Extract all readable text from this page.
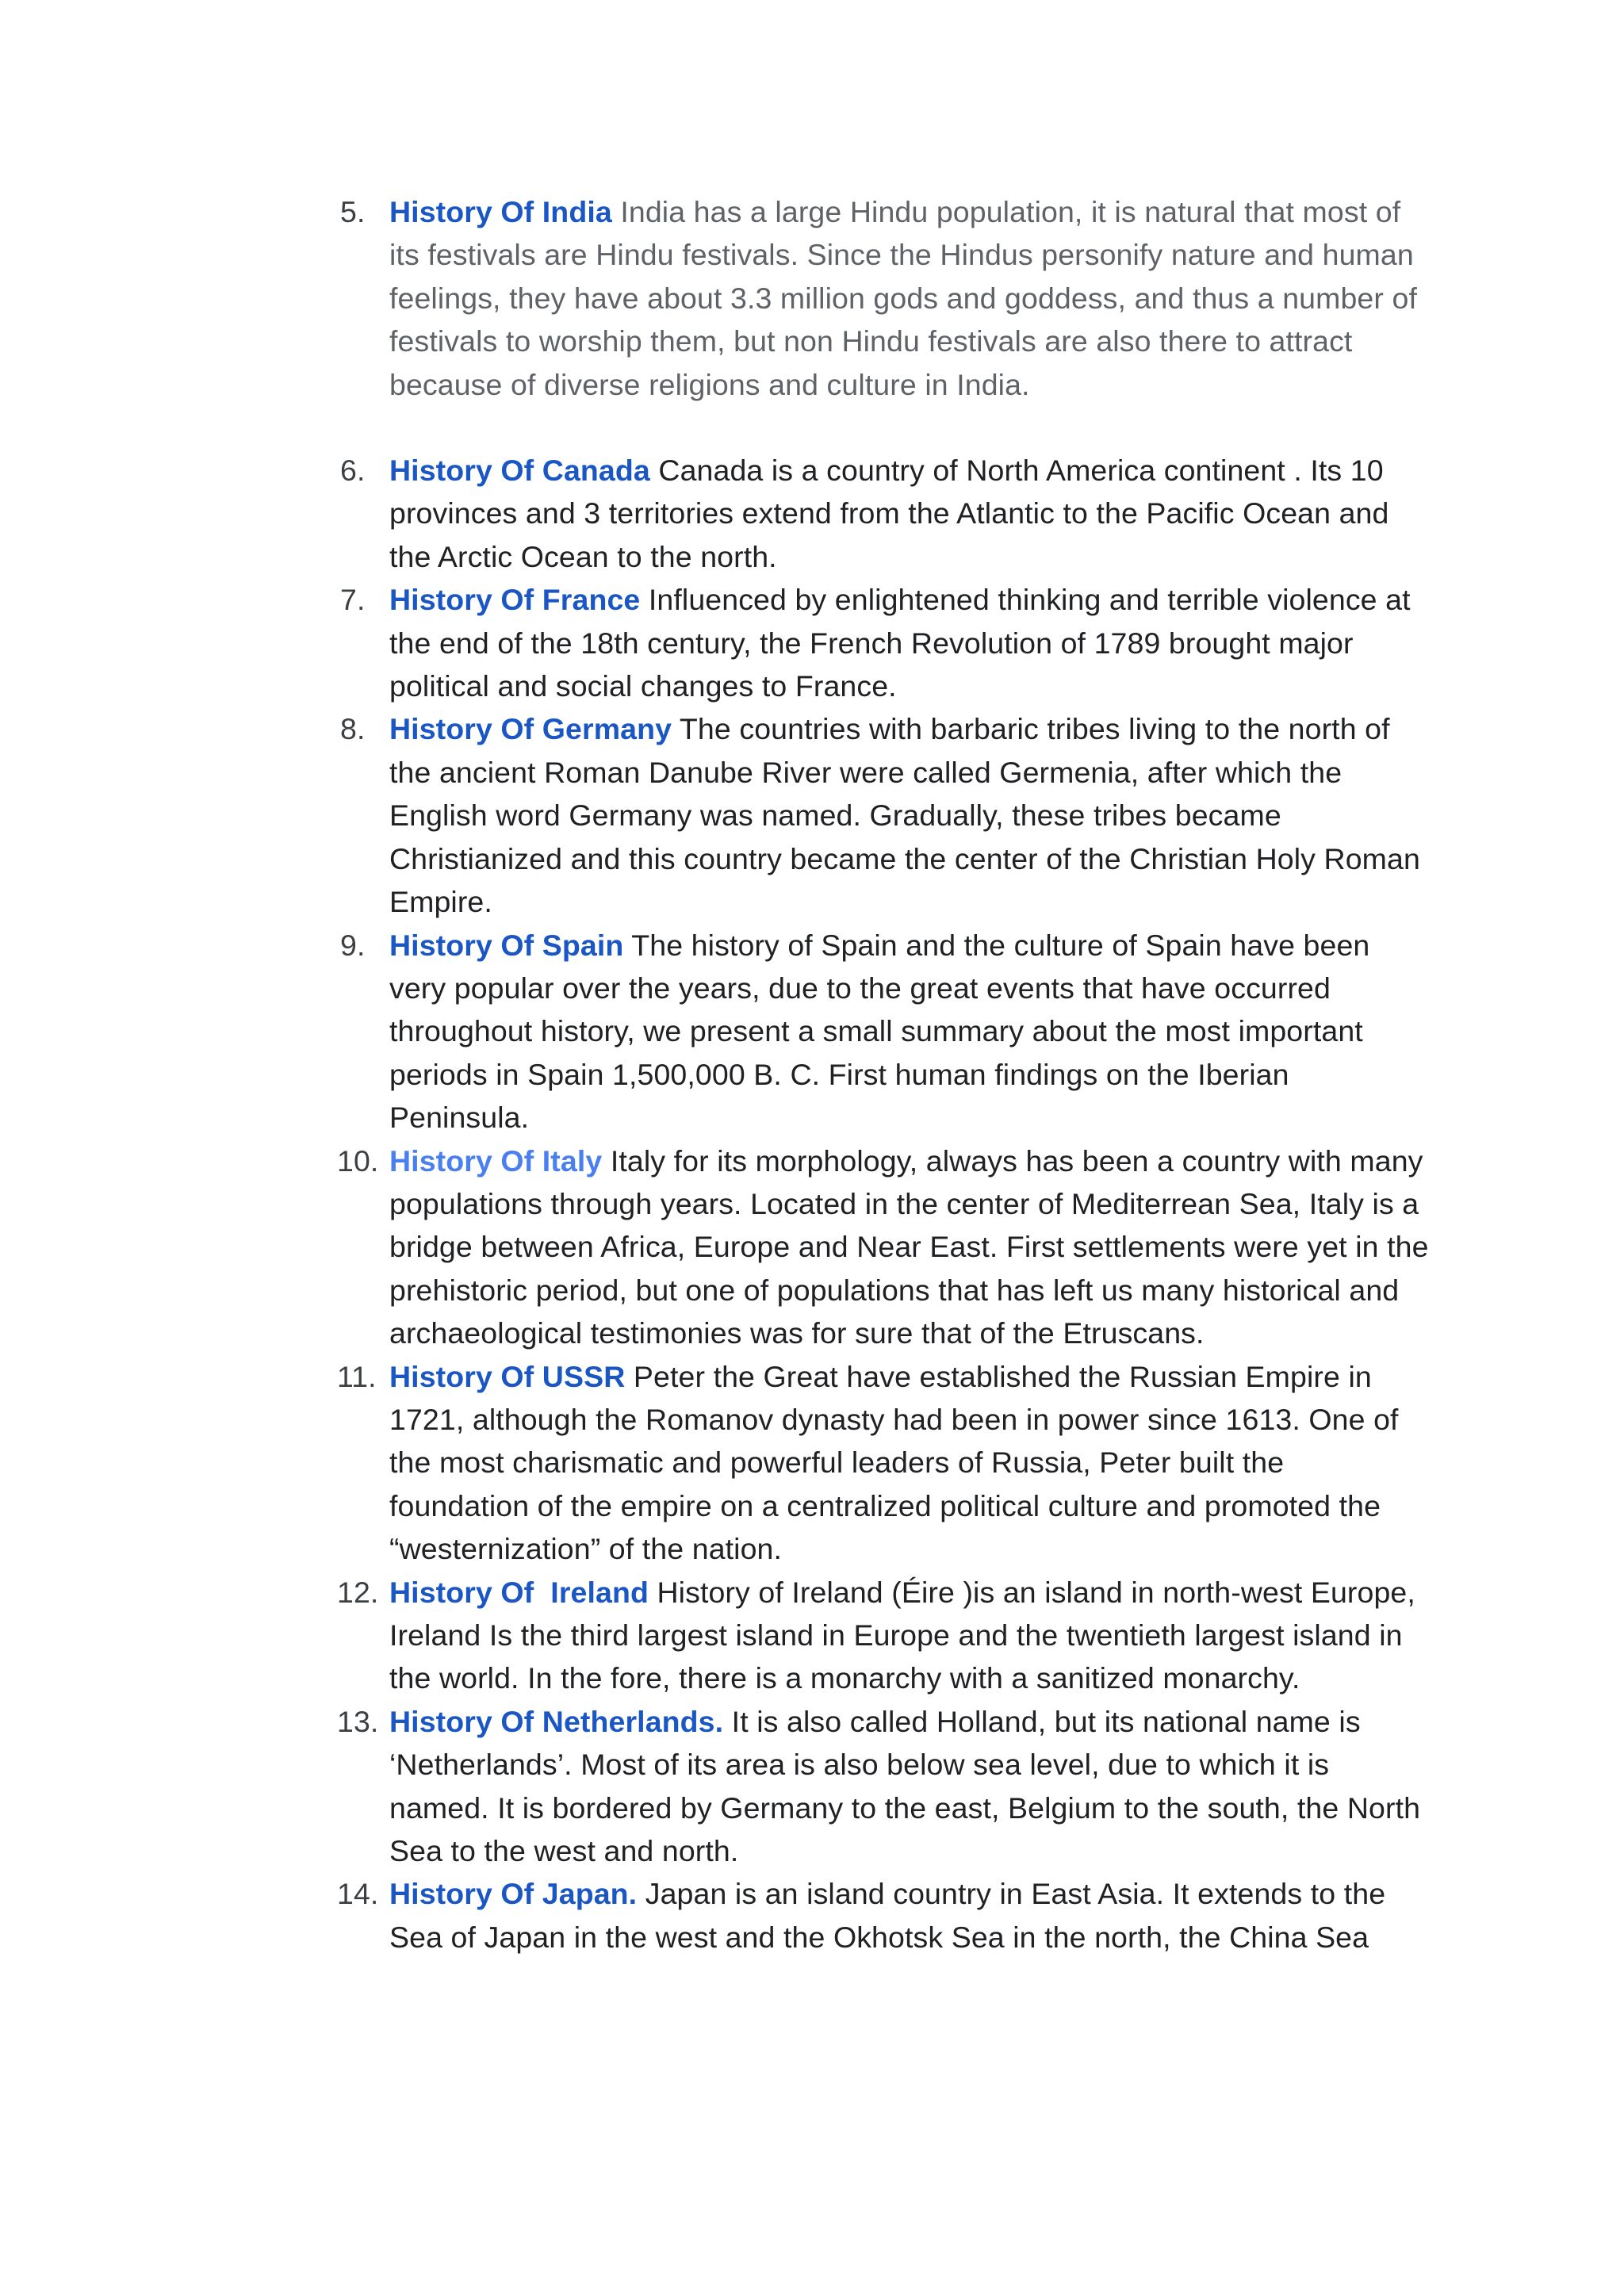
5. History Of India India has a large Hindu population, it is natural that most of its festivals are Hindu festivals. Since the Hindus personify nature and human feelings, they have about 3.3 million gods and goddess, and thus a number of festivals to worship them, but non Hindu festivals are also there to attract because of diverse religions and culture in India.
6. History Of Canada Canada is a country of North America continent . Its 10 provinces and 3 territories extend from the Atlantic to the Pacific Ocean and the Arctic Ocean to the north.
7. History Of France Influenced by enlightened thinking and terrible violence at the end of the 18th century, the French Revolution of 1789 brought major political and social changes to France.
8. History Of Germany The countries with barbaric tribes living to the north of the ancient Roman Danube River were called Germenia, after which the English word Germany was named. Gradually, these tribes became Christianized and this country became the center of the Christian Holy Roman Empire.
9. History Of Spain The history of Spain and the culture of Spain have been very popular over the years, due to the great events that have occurred throughout history, we present a small summary about the most important periods in Spain 1,500,000 B. C. First human findings on the Iberian Peninsula.
10. History Of Italy Italy for its morphology, always has been a country with many populations through years. Located in the center of Mediterrean Sea, Italy is a bridge between Africa, Europe and Near East. First settlements were yet in the prehistoric period, but one of populations that has left us many historical and archaeological testimonies was for sure that of the Etruscans.
11. History Of USSR Peter the Great have established the Russian Empire in 1721, although the Romanov dynasty had been in power since 1613. One of the most charismatic and powerful leaders of Russia, Peter built the foundation of the empire on a centralized political culture and promoted the “westernization” of the nation.
12. History Of  Ireland History of Ireland (Éire )is an island in north-west Europe, Ireland Is the third largest island in Europe and the twentieth largest island in the world. In the fore, there is a monarchy with a sanitized monarchy.
13. History Of Netherlands. It is also called Holland, but its national name is ‘Netherlands’. Most of its area is also below sea level, due to which it is named. It is bordered by Germany to the east, Belgium to the south, the North Sea to the west and north.
14. History Of Japan. Japan is an island country in East Asia. It extends to the Sea of Japan in the west and the Okhotsk Sea in the north, the China Sea
